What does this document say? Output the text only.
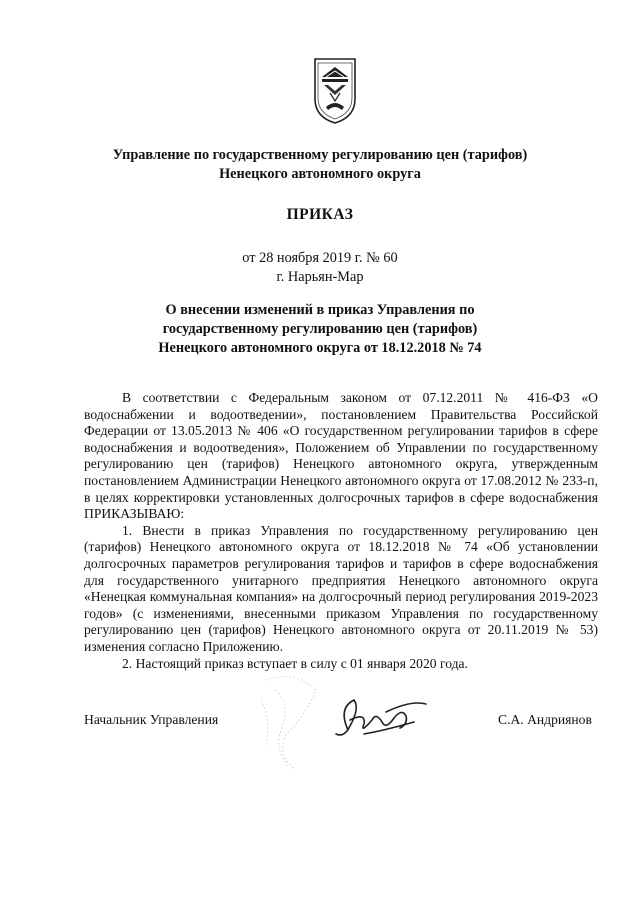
Управление по государственному регулированию цен (тарифов)
Ненецкого автономного округа
ПРИКАЗ
от 28 ноября 2019 г. № 60
г. Нарьян-Мар
О внесении изменений в приказ Управления по
государственному регулированию цен (тарифов)
Ненецкого автономного округа от 18.12.2018 № 74

В соответствии с Федеральным законом от 07.12.2011 № 416-ФЗ «О водоснабжении и водоотведении», постановлением Правительства Российской Федерации от 13.05.2013 № 406 «О государственном регулировании тарифов в сфере водоснабжения и водоотведения», Положением об Управлении по государственному регулированию цен (тарифов) Ненецкого автономного округа, утвержденным постановлением Администрации Ненецкого автономного округа от 17.08.2012 № 233-п, в целях корректировки установленных долгосрочных тарифов в сфере водоснабжения ПРИКАЗЫВАЮ:

1. Внести в приказ Управления по государственному регулированию цен (тарифов) Ненецкого автономного округа от 18.12.2018 № 74 «Об установлении долгосрочных параметров регулирования тарифов и тарифов в сфере водоснабжения для государственного унитарного предприятия Ненецкого автономного округа «Ненецкая коммунальная компания» на долгосрочный период регулирования 2019-2023 годов» (с изменениями, внесенными приказом Управления по государственному регулированию цен (тарифов) Ненецкого автономного округа от 20.11.2019 № 53) изменения согласно Приложению.

2. Настоящий приказ вступает в силу с 01 января 2020 года.

Начальник Управления	С.А. Андриянов
